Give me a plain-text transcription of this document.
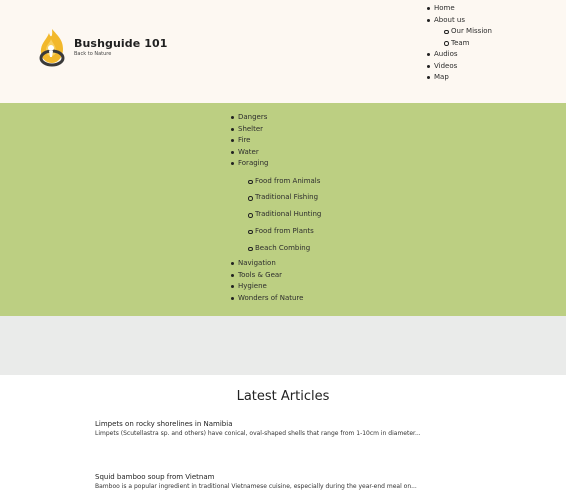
Bushguide 101
Back to Nature
Home
About us
Our Mission
Team
Audios
Videos
Map
Dangers
Shelter
Fire
Water
Foraging
Food from Animals
Traditional Fishing
Traditional Hunting
Food from Plants
Beach Combing
Navigation
Tools & Gear
Hygiene
Wonders of Nature
Latest Articles
Limpets on rocky shorelines in Namibia
Limpets (Scutellastra sp. and others) have conical, oval-shaped shells that range from 1-10cm in diameter...
Squid bamboo soup from Vietnam
Bamboo is a popular ingredient in traditional Vietnamese cuisine, especially during the year-end meal on...
